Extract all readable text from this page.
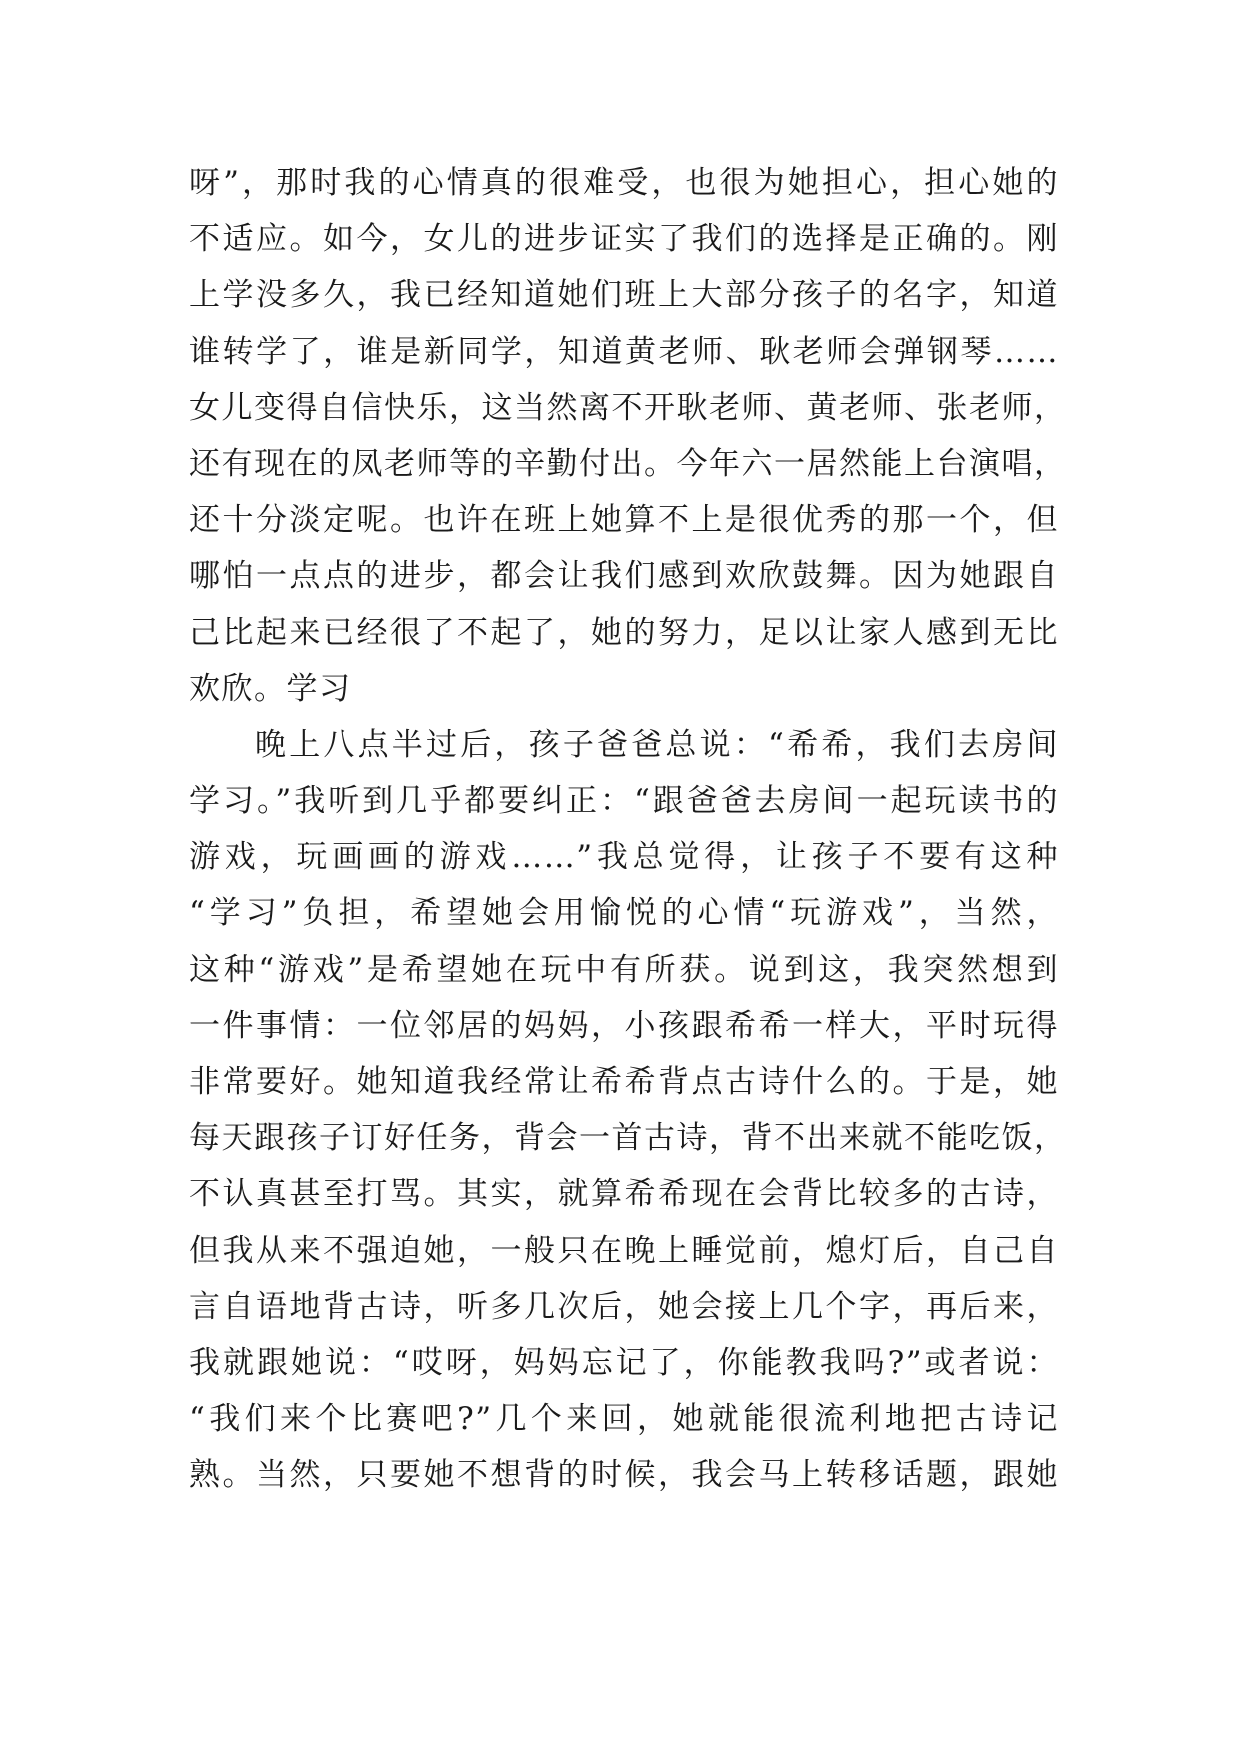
呀”，那时我的心情真的很难受，也很为她担心，担心她的
不适应。如今，女儿的进步证实了我们的选择是正确的。刚
上学没多久，我已经知道她们班上大部分孩子的名字，知道
谁转学了，谁是新同学，知道黄老师、耿老师会弹钢琴……
女儿变得自信快乐，这当然离不开耿老师、黄老师、张老师，
还有现在的凤老师等的辛勤付出。今年六一居然能上台演唱，
还十分淡定呢。也许在班上她算不上是很优秀的那一个，但
哪怕一点点的进步，都会让我们感到欢欣鼓舞。因为她跟自
己比起来已经很了不起了，她的努力，足以让家人感到无比
欢欣。学习
晚上八点半过后，孩子爸爸总说：“希希，我们去房间
学习。”我听到几乎都要纠正：“跟爸爸去房间一起玩读书的
游戏，玩画画的游戏……”我总觉得，让孩子不要有这种
“学习”负担，希望她会用愉悦的心情“玩游戏”，当然，
这种“游戏”是希望她在玩中有所获。说到这，我突然想到
一件事情：一位邻居的妈妈，小孩跟希希一样大，平时玩得
非常要好。她知道我经常让希希背点古诗什么的。于是，她
每天跟孩子订好任务，背会一首古诗，背不出来就不能吃饭，
不认真甚至打骂。其实，就算希希现在会背比较多的古诗，
但我从来不强迫她，一般只在晚上睡觉前，熄灯后，自己自
言自语地背古诗，听多几次后，她会接上几个字，再后来，
我就跟她说：“哎呀，妈妈忘记了，你能教我吗?”或者说：
“我们来个比赛吧?”几个来回，她就能很流利地把古诗记
熟。当然，只要她不想背的时候，我会马上转移话题，跟她
